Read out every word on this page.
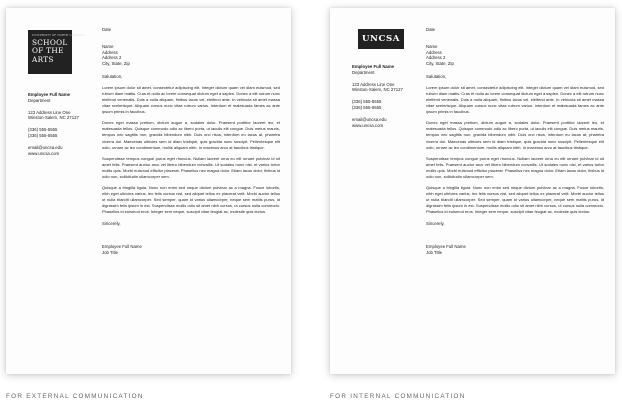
UNIVERSITY OF NORTH CAROLINA
SCHOOL
OF THE
ARTS
Employee Full Name
Department
123 Address Line One
Winston-Salem, NC 27127
(336) 555-5555
(336) 555-5555
email@uncsa.edu
www.uncsa.com
Date
Name
Address
Address 2
City, State, Zip
Salutation,

Lorem ipsum dolor sit amet, consectetur adipiscing elit. Integer dictum quam vel diam euismod, sed rutrum diam mattis. Cras et nulla ac lorem consequat dictum eget a sapien. Donec a elit rutrum nunc eleifend venenatis. Duis a nulla aliquam, finibus lacus vel, eleifend ante. In vehicula sit amet massa vitae scelerisque. Aliquam cursus nunc vitae rutrum varius. Interdum et malesuada fames ac ante ipsum primis in faucibus.

Donec eget massa pretium, dictum augue a, sodales dolor. Praesent porttitor laoreet leo, et malesuada tellus. Quisque commodo odio ac libero porta, ut iaculis elit congue. Duis metus mauris, tempus nec sagittis non, gravida bibendum nibh. Duis orci risus, interdum eu lacus at, pharetra viverra dui. Maecenas ultricies sem id diam tristique, quis gravida nunc suscipit. Pellentesque elit odio, ornare ac leo condimentum, mollis aliquam nibh. In maximus arcu at faucibus tristique.

Suspendisse tempus congue purus eget rhoncus. Nullam laoreet urna eu elit ornare pulvinar id sit amet felis. Praesent auctor arcu vel libero bibendum convallis. Ut sodales nunc nisl, et varius tortor mollis quis. Morbi euismod efficitur placerat. Phasellus nec magna dolor. Etiam lacus dolor, finibus id odio non, sollicitudin ullamcorper sem.

Quisque a fringilla ligula. Nunc non enim sed neque dictum pulvinar ac a magna. Fusce lobortis, nibh eget ultricies varius, leo felis cursus nisl, sed aliquet tellus ex placerat velit. Morbi auctor tellus ut nulla blandit ullamcorper. Sed semper, quam id varius ullamcorper, neque sem mattis purus, id dignissim felis ipsum in est. Suspendisse mollis odio sit amet nibh cursus, ut cursus nulla commodo. Phasellus id euismod eros. Integer sem neque, suscipit vitae feugiat ac, molestie quis lectus.

Sincerely,
Employee Full Name
Job Title
UNCSA
Employee Full Name
Department
123 Address Line One
Winston-Salem, NC 27127
(336) 555-5555
(336) 555-5555
email@uncsa.edu
www.uncsa.com
Date
Name
Address
Address 2
City, State, Zip
Salutation,

Lorem ipsum dolor sit amet, consectetur adipiscing elit. Integer dictum quam vel diam euismod, sed rutrum diam mattis. Cras et nulla ac lorem consequat dictum eget a sapien. Donec a elit rutrum nunc eleifend venenatis. Duis a nulla aliquam, finibus lacus vel, eleifend ante. In vehicula sit amet massa vitae scelerisque. Aliquam cursus nunc vitae rutrum varius. Interdum et malesuada fames ac ante ipsum primis in faucibus.

Donec eget massa pretium, dictum augue a, sodales dolor. Praesent porttitor laoreet leo, et malesuada tellus. Quisque commodo odio ac libero porta, ut iaculis elit congue. Duis metus mauris, tempus nec sagittis non, gravida bibendum nibh. Duis orci risus, interdum eu lacus at, pharetra viverra dui. Maecenas ultricies sem id diam tristique, quis gravida nunc suscipit. Pellentesque elit odio, ornare ac leo condimentum, mollis aliquam nibh. In maximus arcu at faucibus tristique.

Suspendisse tempus congue purus eget rhoncus. Nullam laoreet urna eu elit ornare pulvinar id sit amet felis. Praesent auctor arcu vel libero bibendum convallis. Ut sodales nunc nisl, et varius tortor mollis quis. Morbi euismod efficitur placerat. Phasellus nec magna dolor. Etiam lacus dolor, finibus id odio non, sollicitudin ullamcorper sem.

Quisque a fringilla ligula. Nunc non enim sed neque dictum pulvinar ac a magna. Fusce lobortis, nibh eget ultricies varius, leo felis cursus nisl, sed aliquet tellus ex placerat velit. Morbi auctor tellus ut nulla blandit ullamcorper. Sed semper, quam id varius ullamcorper, neque sem mattis purus, id dignissim felis ipsum in est. Suspendisse mollis odio sit amet nibh cursus, ut cursus nulla commodo. Phasellus id euismod eros. Integer sem neque, suscipit vitae feugiat ac, molestie quis lectus.

Sincerely,
Employee Full Name
Job Title
FOR EXTERNAL COMMUNICATION	FOR INTERNAL COMMUNICATION
